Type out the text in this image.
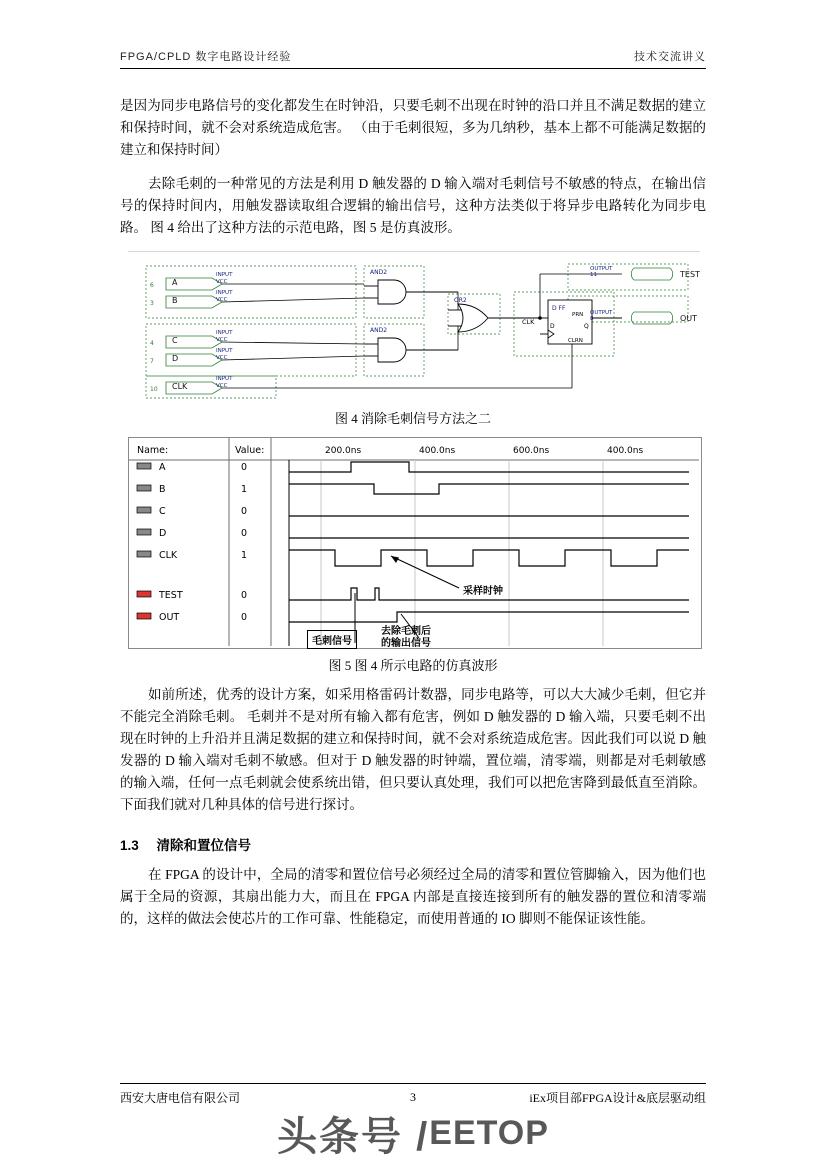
FPGA/CPLD 数字电路设计经验	技术交流讲义

是因为同步电路信号的变化都发生在时钟沿，只要毛刺不出现在时钟的沿口并且不满足数据的建立和保持时间，就不会对系统造成危害。 （由于毛刺很短，多为几纳秒，基本上都不可能满足数据的建立和保持时间）

去除毛刺的一种常见的方法是利用 D 触发器的 D 输入端对毛刺信号不敏感的特点，在输出信号的保持时间内，用触发器读取组合逻辑的输出信号，这种方法类似于将异步电路转化为同步电路。 图 4 给出了这种方法的示范电路，图 5 是仿真波形。

6
3
4
7
10
A
B
C
D
CLK
INPUT
VCC
INPUT
VCC
INPUT
VCC
INPUT
VCC
INPUT
VCC
AND2
AND2
OR2
D FF
PRN
CLRN
D	Q
CLK
OUTPUT
11
OUTPUT
8
TEST
OUT
图 4 消除毛刺信号方法之二
Name:	Value:	200.0ns	400.0ns	600.0ns	400.0ns
A	0
B	1
C	0
D	0
CLK	1
TEST	0
OUT	0
采样时钟
毛刺信号
去除毛刺后
的输出信号
图 5 图 4 所示电路的仿真波形

如前所述，优秀的设计方案，如采用格雷码计数器，同步电路等，可以大大减少毛刺，但它并不能完全消除毛刺。 毛刺并不是对所有输入都有危害，例如 D 触发器的 D 输入端，只要毛刺不出现在时钟的上升沿并且满足数据的建立和保持时间，就不会对系统造成危害。因此我们可以说 D 触发器的 D 输入端对毛刺不敏感。但对于 D 触发器的时钟端，置位端，清零端，则都是对毛刺敏感的输入端，任何一点毛刺就会使系统出错，但只要认真处理，我们可以把危害降到最低直至消除。下面我们就对几种具体的信号进行探讨。

1.3 清除和置位信号

在 FPGA 的设计中，全局的清零和置位信号必须经过全局的清零和置位管脚输入，因为他们也属于全局的资源，其扇出能力大，而且在 FPGA 内部是直接连接到所有的触发器的置位和清零端的，这样的做法会使芯片的工作可靠、性能稳定，而使用普通的 IO 脚则不能保证该性能。

西安大唐电信有限公司	3	iEx项目部FPGA设计&底层驱动组
头条号 / EETOP
